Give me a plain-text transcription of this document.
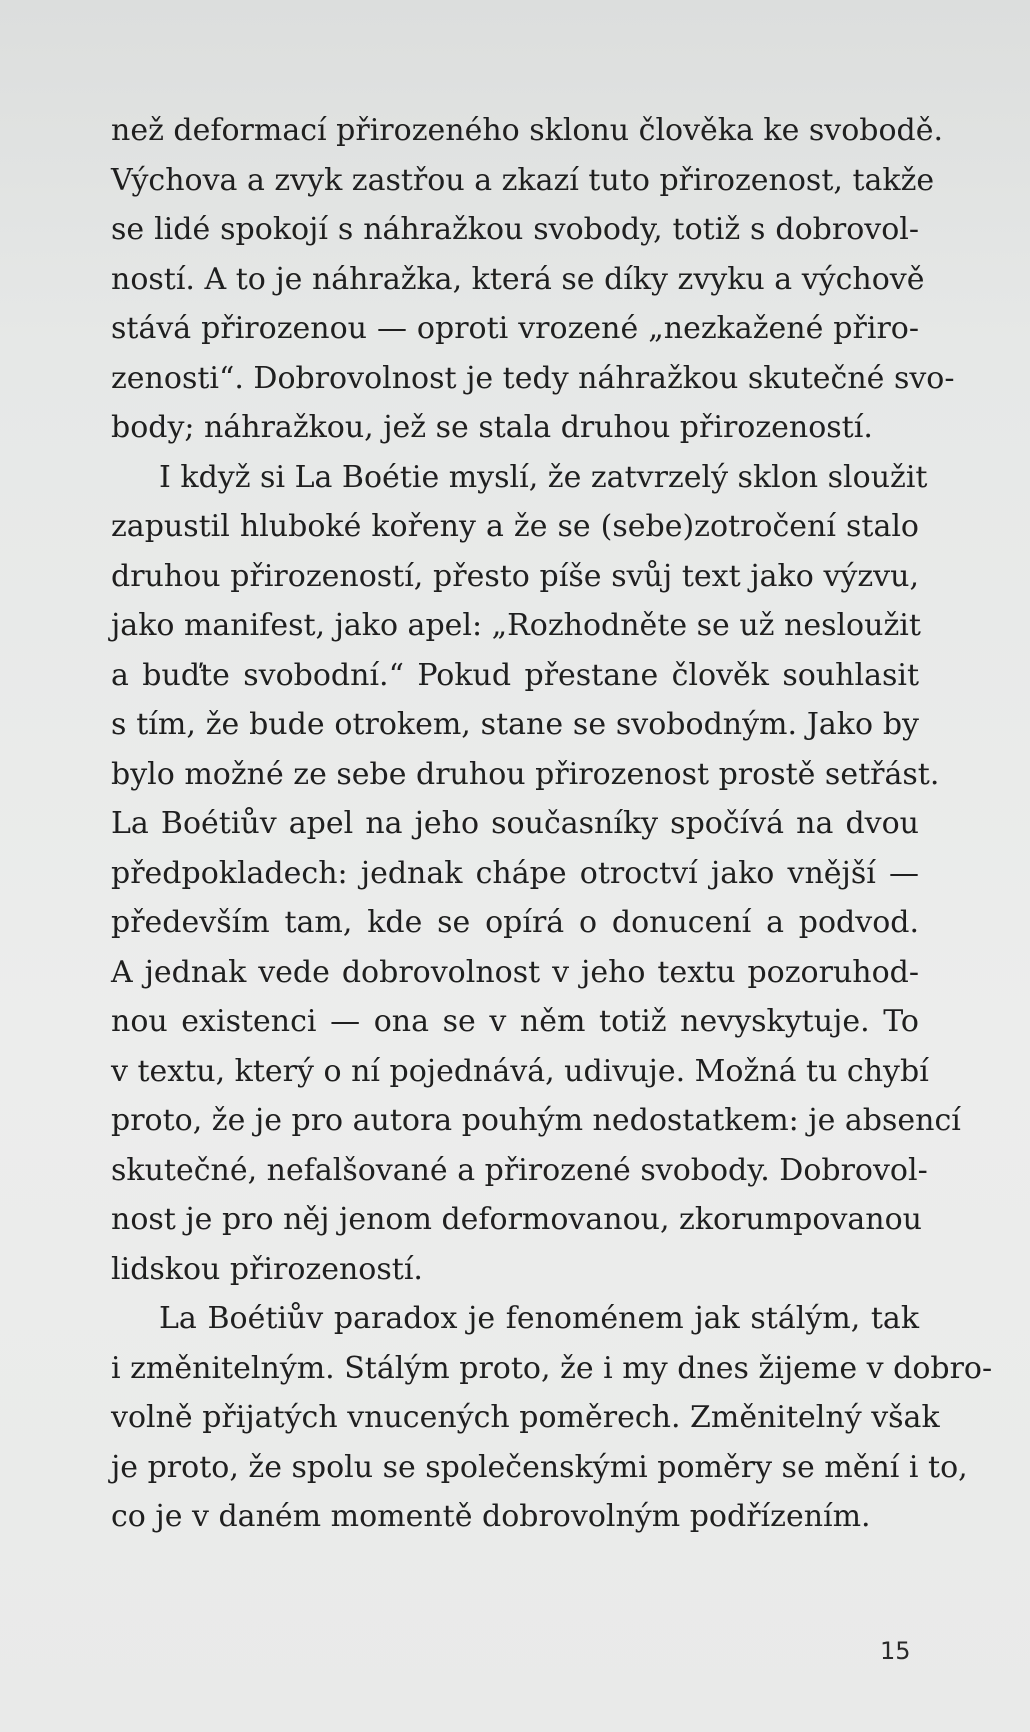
než deformací přirozeného sklonu člověka ke svobodě.
Výchova a zvyk zastřou a zkazí tuto přirozenost, takže
se lidé spokojí s náhražkou svobody, totiž s dobrovol-
ností. A to je náhražka, která se díky zvyku a výchově
stává přirozenou — oproti vrozené „nezkažené přiro-
zenosti“. Dobrovolnost je tedy náhražkou skutečné svo-
body; náhražkou, jež se stala druhou přirozeností.
I když si La Boétie myslí, že zatvrzelý sklon sloužit
zapustil hluboké kořeny a že se (sebe)zotročení stalo
druhou přirozeností, přesto píše svůj text jako výzvu,
jako manifest, jako apel: „Rozhodněte se už nesloužit
a buďte svobodní.“ Pokud přestane člověk souhlasit
s tím, že bude otrokem, stane se svobodným. Jako by
bylo možné ze sebe druhou přirozenost prostě setřást.
La Boétiův apel na jeho současníky spočívá na dvou
předpokladech: jednak chápe otroctví jako vnější —
především tam, kde se opírá o donucení a podvod.
A jednak vede dobrovolnost v jeho textu pozoruhod-
nou existenci — ona se v něm totiž nevyskytuje. To
v textu, který o ní pojednává, udivuje. Možná tu chybí
proto, že je pro autora pouhým nedostatkem: je absencí
skutečné, nefalšované a přirozené svobody. Dobrovol-
nost je pro něj jenom deformovanou, zkorumpovanou
lidskou přirozeností.
La Boétiův paradox je fenoménem jak stálým, tak
i změnitelným. Stálým proto, že i my dnes žijeme v dobro-
volně přijatých vnucených poměrech. Změnitelný však
je proto, že spolu se společenskými poměry se mění i to,
co je v daném momentě dobrovolným podřízením.
15
